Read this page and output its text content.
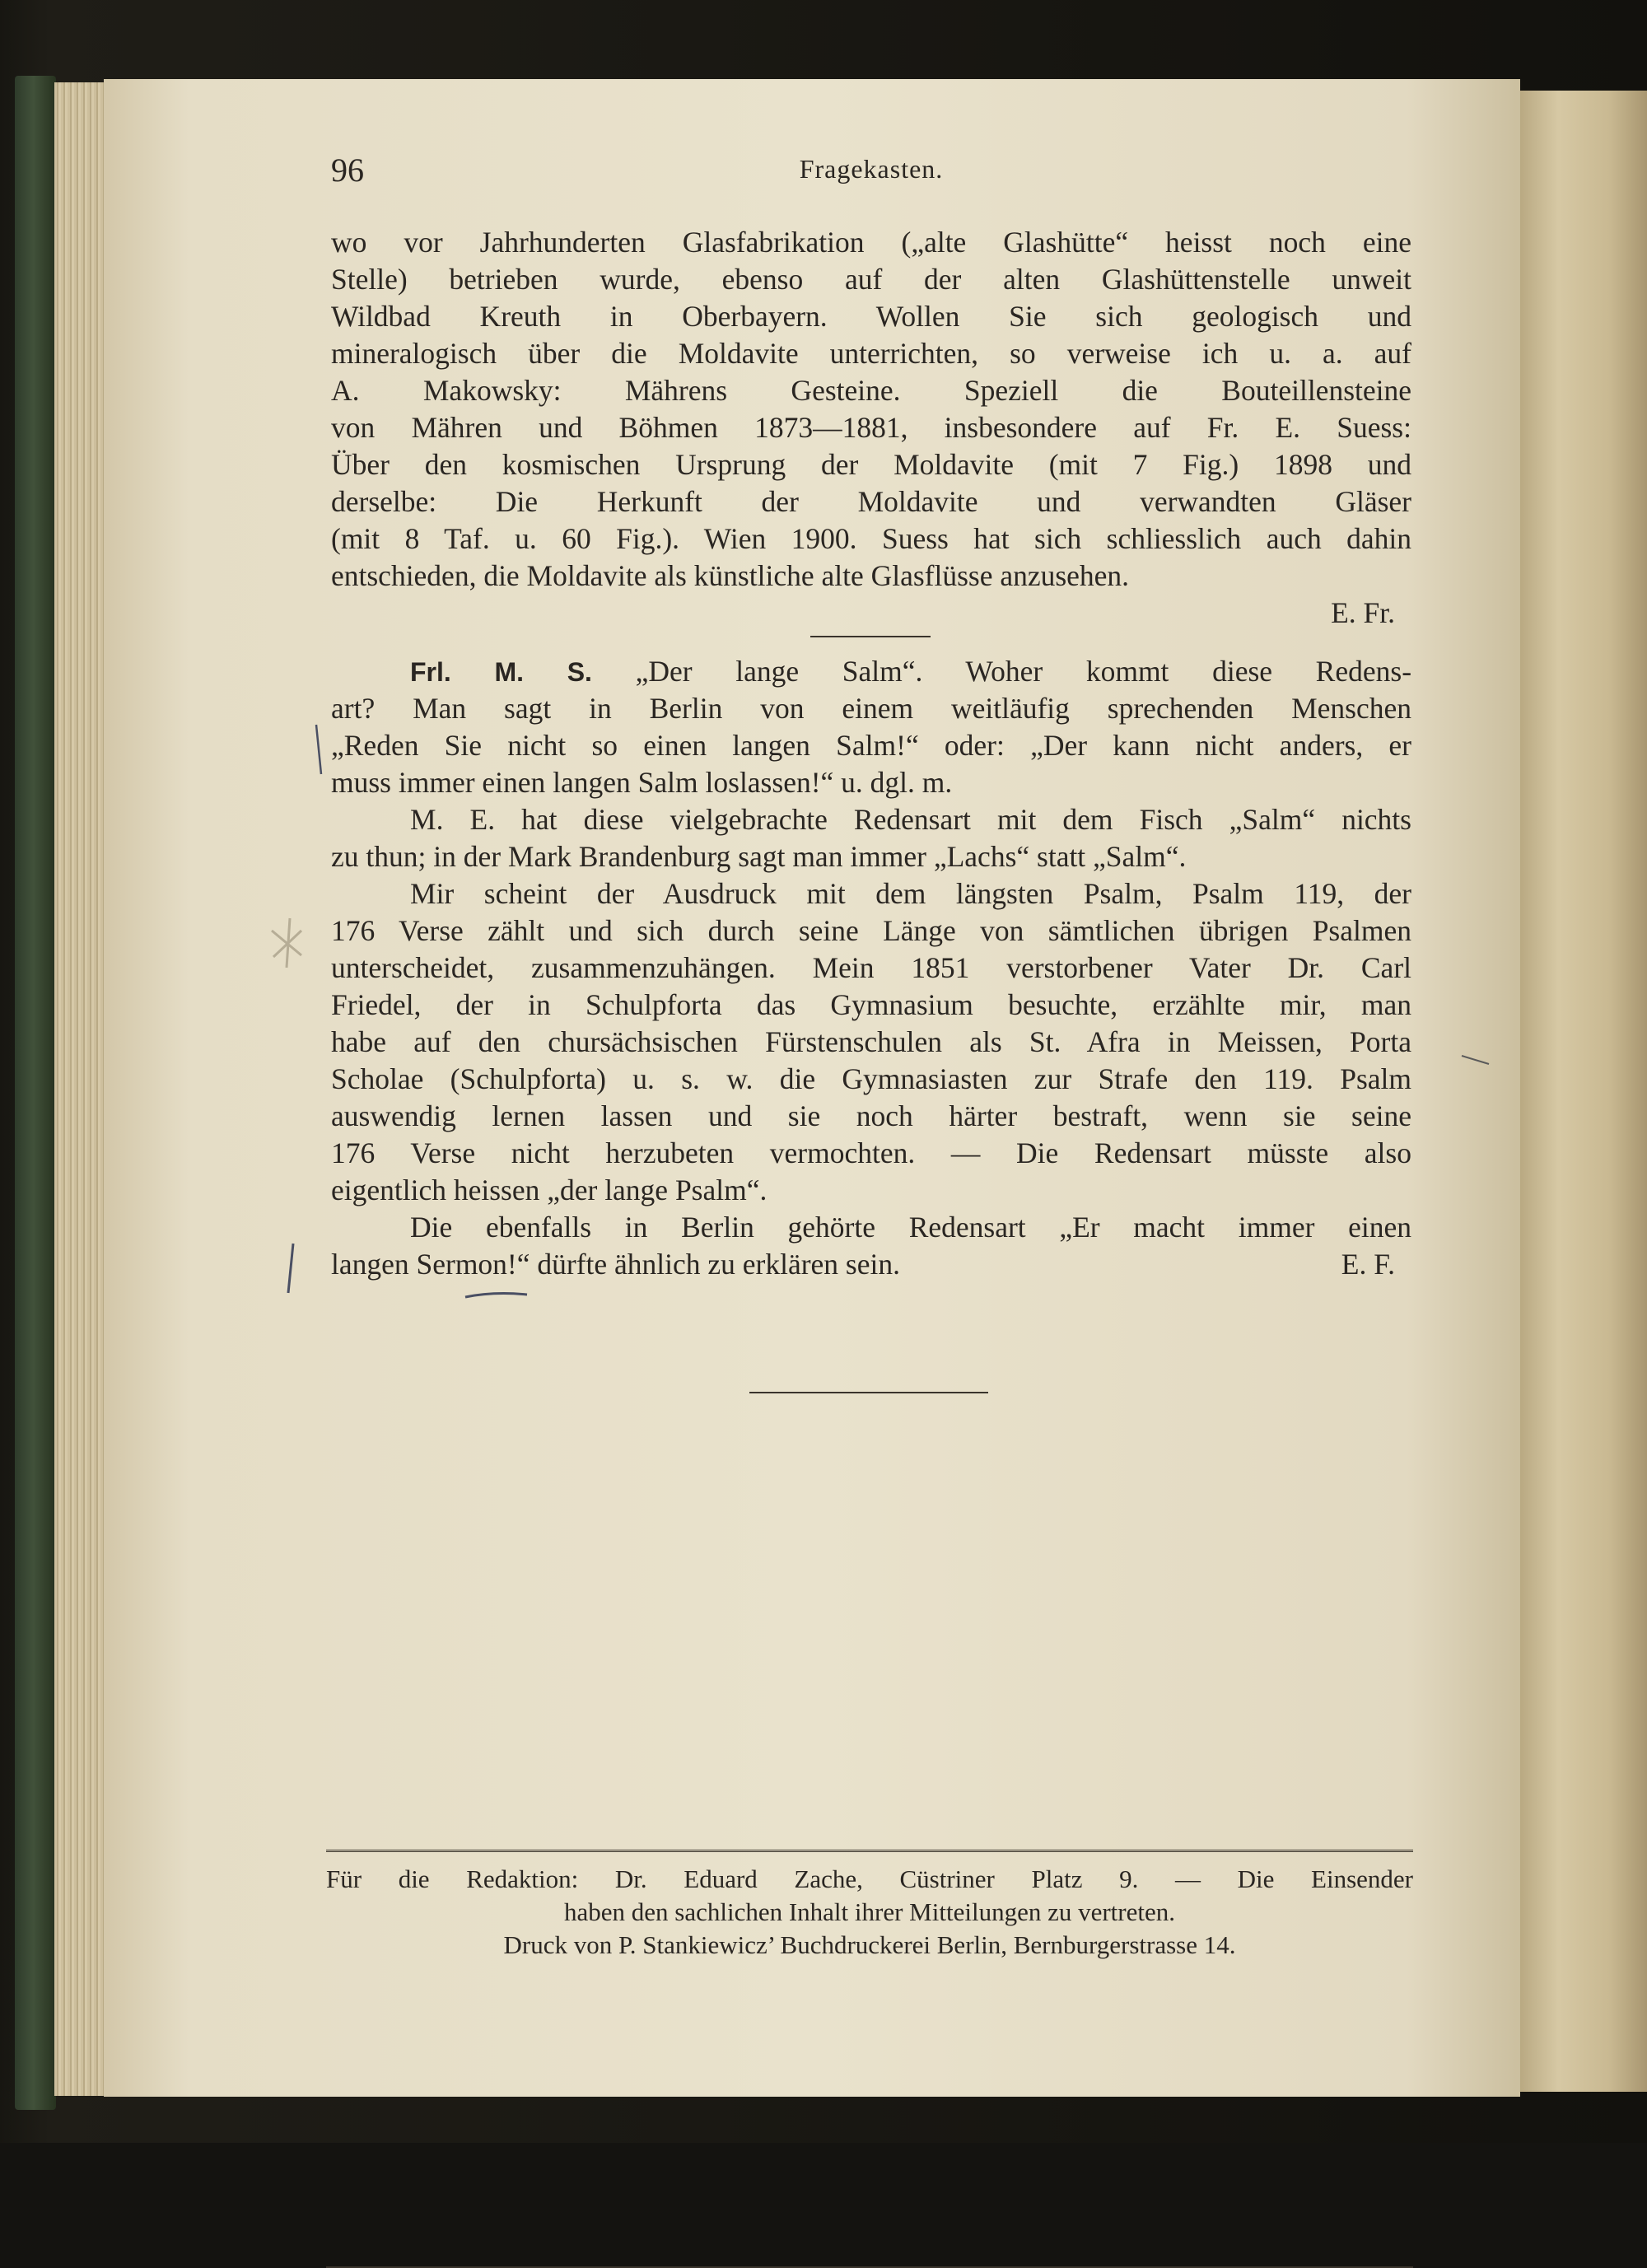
96	Fragekasten.
wo vor Jahrhunderten Glasfabrikation („alte Glashütte“ heisst noch eine
Stelle) betrieben wurde, ebenso auf der alten Glashüttenstelle unweit
Wildbad Kreuth in Oberbayern. Wollen Sie sich geologisch und
mineralogisch über die Moldavite unterrichten, so verweise ich u. a. auf
A. Makowsky: Mährens Gesteine. Speziell die Bouteillensteine
von Mähren und Böhmen 1873—1881, insbesondere auf Fr. E. Suess:
Über den kosmischen Ursprung der Moldavite (mit 7 Fig.) 1898 und
derselbe: Die Herkunft der Moldavite und verwandten Gläser
(mit 8 Taf. u. 60 Fig.). Wien 1900. Suess hat sich schliesslich auch dahin
entschieden, die Moldavite als künstliche alte Glasflüsse anzusehen.
E. Fr.
Frl. M. S. „Der lange Salm“. Woher kommt diese Redens-
art? Man sagt in Berlin von einem weitläufig sprechenden Menschen
„Reden Sie nicht so einen langen Salm!“ oder: „Der kann nicht anders, er
muss immer einen langen Salm loslassen!“ u. dgl. m.
M. E. hat diese vielgebrachte Redensart mit dem Fisch „Salm“ nichts
zu thun; in der Mark Brandenburg sagt man immer „Lachs“ statt „Salm“.
Mir scheint der Ausdruck mit dem längsten Psalm, Psalm 119, der
176 Verse zählt und sich durch seine Länge von sämtlichen übrigen Psalmen
unterscheidet, zusammenzuhängen. Mein 1851 verstorbener Vater Dr. Carl
Friedel, der in Schulpforta das Gymnasium besuchte, erzählte mir, man
habe auf den chursächsischen Fürstenschulen als St. Afra in Meissen, Porta
Scholae (Schulpforta) u. s. w. die Gymnasiasten zur Strafe den 119. Psalm
auswendig lernen lassen und sie noch härter bestraft, wenn sie seine
176 Verse nicht herzubeten vermochten. — Die Redensart müsste also
eigentlich heissen „der lange Psalm“.
Die ebenfalls in Berlin gehörte Redensart „Er macht immer einen
langen Sermon!“ dürfte ähnlich zu erklären sein.	E. F.
Für die Redaktion: Dr. Eduard Zache, Cüstriner Platz 9. — Die Einsender
haben den sachlichen Inhalt ihrer Mitteilungen zu vertreten.
Druck von P. Stankiewicz’ Buchdruckerei Berlin, Bernburgerstrasse 14.
